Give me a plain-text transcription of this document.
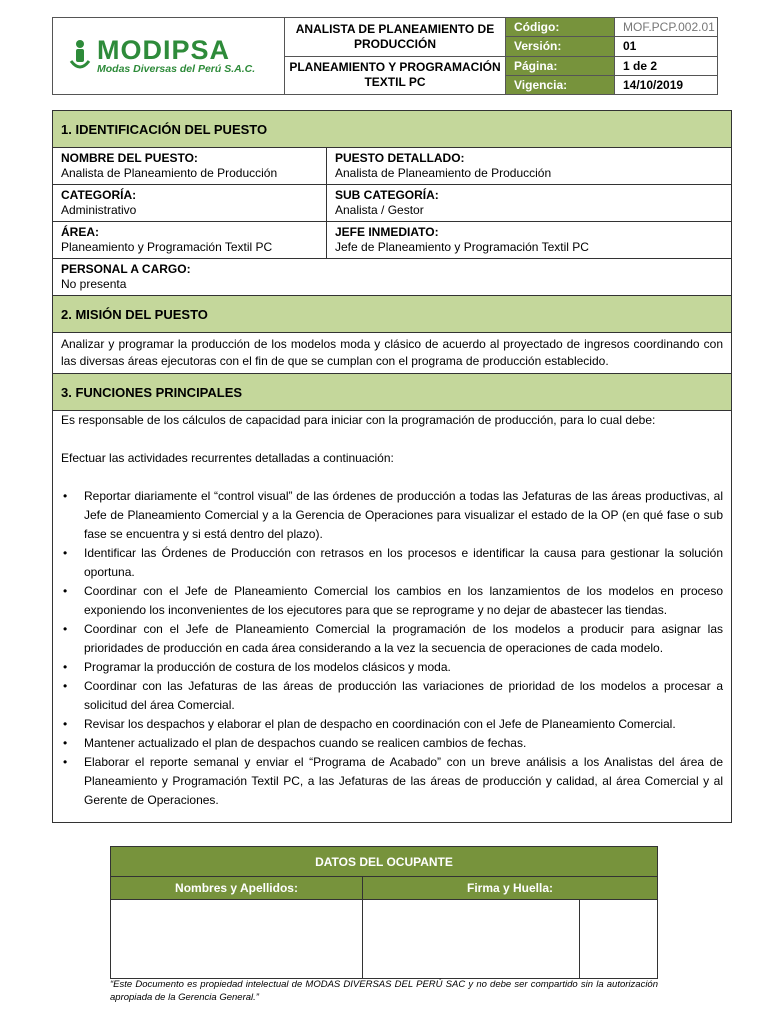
MODIPSA
Modas Diversas del Perú S.A.C.	ANALISTA DE PLANEAMIENTO DE PRODUCCIÓN	Código:	MOF.PCP.002.01
		Versión:	01
	PLANEAMIENTO Y PROGRAMACIÓN TEXTIL PC	Página:	1 de 2
		Vigencia:	14/10/2019
1. IDENTIFICACIÓN DEL PUESTO
NOMBRE DEL PUESTO:
Analista de Planeamiento de Producción
PUESTO DETALLADO:
Analista de Planeamiento de Producción
CATEGORÍA:
Administrativo
SUB CATEGORÍA:
Analista / Gestor
ÁREA:
Planeamiento y Programación Textil PC
JEFE INMEDIATO:
Jefe de Planeamiento y Programación Textil PC
PERSONAL A CARGO:
No presenta
2. MISIÓN DEL PUESTO
Analizar y programar la producción de los modelos moda y clásico de acuerdo al proyectado de ingresos coordinando con las diversas áreas ejecutoras con el fin de que se cumplan con el programa de producción establecido.
3. FUNCIONES PRINCIPALES

Es responsable de los cálculos de capacidad para iniciar con la programación de producción, para lo cual debe:

Efectuar las actividades recurrentes detalladas a continuación:

• Reportar diariamente el “control visual” de las órdenes de producción a todas las Jefaturas de las áreas productivas, al Jefe de Planeamiento Comercial y a la Gerencia de Operaciones para visualizar el estado de la OP (en qué fase o sub fase se encuentra y si está dentro del plazo).
• Identificar las Órdenes de Producción con retrasos en los procesos e identificar la causa para gestionar la solución oportuna.
• Coordinar con el Jefe de Planeamiento Comercial los cambios en los lanzamientos de los modelos en proceso exponiendo los inconvenientes de los ejecutores para que se reprograme y no dejar de abastecer las tiendas.
• Coordinar con el Jefe de Planeamiento Comercial la programación de los modelos a producir para asignar las prioridades de producción en cada área considerando a la vez la secuencia de operaciones de cada modelo.
• Programar la producción de costura de los modelos clásicos y moda.
• Coordinar con las Jefaturas de las áreas de producción las variaciones de prioridad de los modelos a procesar a solicitud del área Comercial.
• Revisar los despachos y elaborar el plan de despacho en coordinación con el Jefe de Planeamiento Comercial.
• Mantener actualizado el plan de despachos cuando se realicen cambios de fechas.
• Elaborar el reporte semanal y enviar el “Programa de Acabado” con un breve análisis a los Analistas del área de Planeamiento y Programación Textil PC, a las Jefaturas de las áreas de producción y calidad, al área Comercial y al Gerente de Operaciones.
DATOS DEL OCUPANTE		
Nombres y Apellidos:	Firma y Huella:	

“Este Documento es propiedad intelectual de MODAS DIVERSAS DEL PERÚ SAC y no debe ser compartido sin la autorización apropiada de la Gerencia General.”
